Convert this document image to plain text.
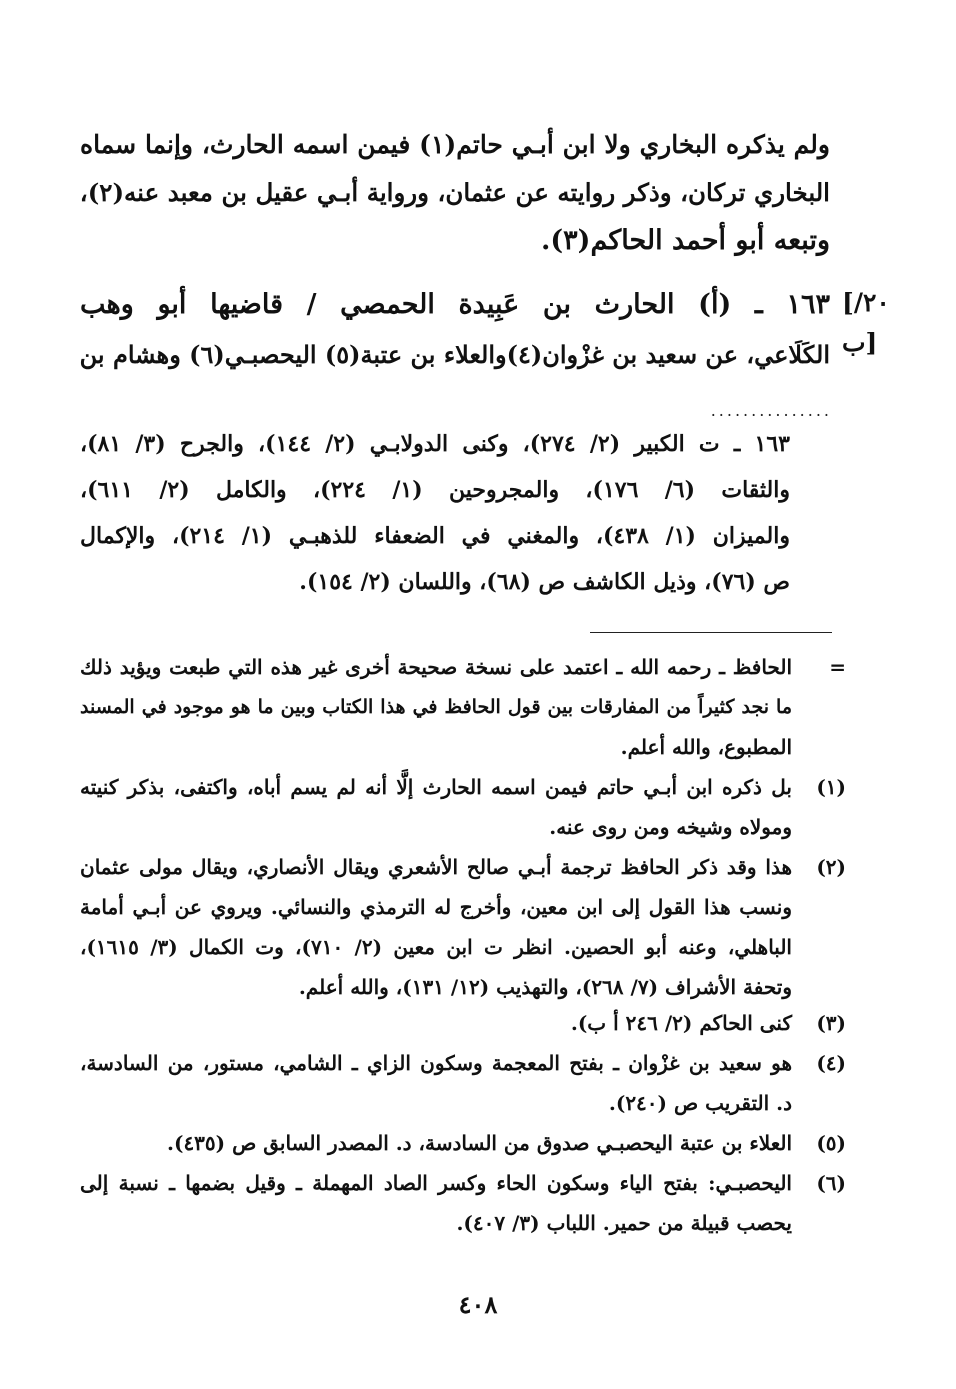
ولم يذكره البخاري ولا ابن أبـي حاتم(١) فيمن اسمه الحارث، وإنما سماه
البخاري تركان، وذكر روايته عن عثمان، ورواية أبـي عقيل بن معبد عنه(٢)،
وتبعه أبو أحمد الحاكم(٣).
[٢٠/ب]
١٦٣ ـ (أ) الحارث بن عَبِيدة الحمصي / قاضيها أبو وهب
الكَلَاعي، عن سعيد بن غزْوان(٤)والعلاء بن عتبة(٥) اليحصبـي(٦) وهشام بن
...............
١٦٣ ـ ت الكبير (٢/ ٢٧٤)، وكنى الدولابـي (٢/ ١٤٤)، والجرح (٣/ ٨١)،
والثقات (٦/ ١٧٦)، والمجروحين (١/ ٢٢٤)، والكامل (٢/ ٦١١)،
والميزان (١/ ٤٣٨)، والمغني في الضعفاء للذهبـي (١/ ٢١٤)، والإكمال
ص (٧٦)، وذيل الكاشف ص (٦٨)، واللسان (٢/ ١٥٤).
=
الحافظ ـ رحمه الله ـ اعتمد على نسخة صحيحة أخرى غير هذه التي طبعت ويؤيد ذلك
ما نجد كثيراً من المفارقات بين قول الحافظ في هذا الكتاب وبين ما هو موجود في المسند
المطبوع، والله أعلم.
(١)
بل ذكره ابن أبـي حاتم فيمن اسمه الحارث إلَّا أنه لم يسم أباه، واكتفى، بذكر كنيته
ومولاه وشيخه ومن روى عنه.
(٢)
هذا وقد ذكر الحافظ ترجمة أبـي صالح الأشعري ويقال الأنصاري، ويقال مولى عثمان
ونسب هذا القول إلى ابن معين، وأخرج له الترمذي والنسائي. ويروي عن أبـي أمامة
الباهلي، وعنه أبو الحصين. انظر ت ابن معين (٢/ ٧١٠)، وت الكمال (٣/ ١٦١٥)،
وتحفة الأشراف (٧/ ٢٦٨)، والتهذيب (١٢/ ١٣١)، والله أعلم.
(٣)
كنى الحاكم (٢/ ٢٤٦ أ ب).
(٤)
هو سعيد بن غزْوان ـ بفتح المعجمة وسكون الزاي ـ الشامي، مستور، من السادسة،
د. التقريب ص (٢٤٠).
(٥)
العلاء بن عتبة اليحصبـي صدوق من السادسة، د. المصدر السابق ص (٤٣٥).
(٦)
اليحصبـي: بفتح الياء وسكون الحاء وكسر الصاد المهملة ـ وقيل بضمها ـ نسبة إلى
يحصب قبيلة من حمير. اللباب (٣/ ٤٠٧).
٤٠٨
